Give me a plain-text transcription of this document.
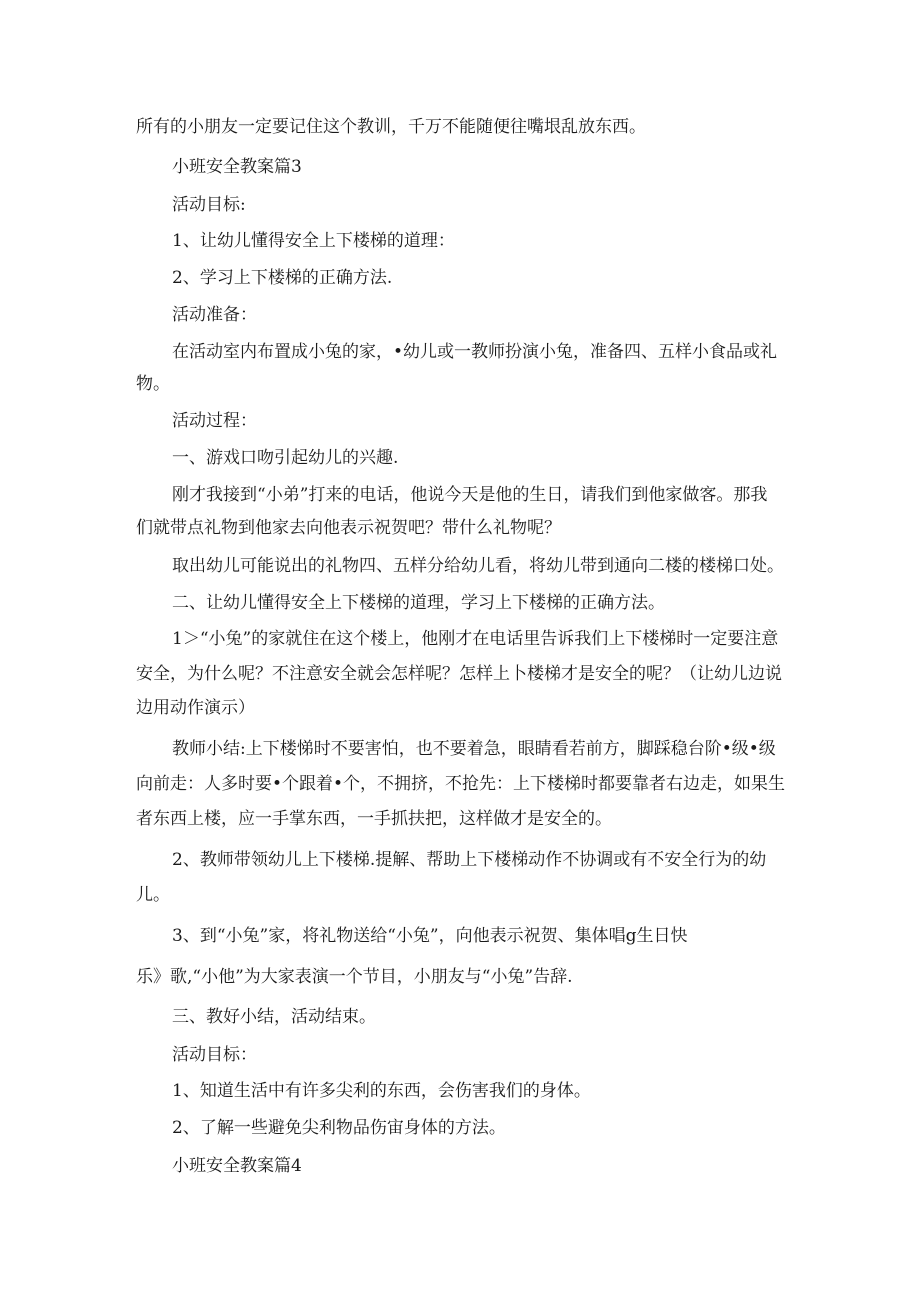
所有的小朋友一定要记住这个教训，千万不能随便往嘴垠乱放东西。
小班安全教案篇3
活动目标:
1、让幼儿懂得安全上下楼梯的道理：
2、学习上下楼梯的正确方法.
活动准备：
在活动室内布置成小兔的家，•幼儿或一教师扮演小兔，准备四、五样小食品或礼
物。
活动过程：
一、游戏口吻引起幼儿的兴趣.
刚才我接到“小弟”打来的电话，他说今天是他的生日，请我们到他家做客。那我
们就带点礼物到他家去向他表示祝贺吧？带什么礼物呢？
取出幼儿可能说出的礼物四、五样分给幼儿看，将幼儿带到通向二楼的楼梯口处。
二、让幼儿懂得安全上下楼梯的道理，学习上下楼梯的正确方法。
1＞“小兔”的家就住在这个楼上，他刚才在电话里告诉我们上下楼梯时一定要注意
安全，为什么呢？不注意安全就会怎样呢？怎样上卜楼梯才是安全的呢？（让幼儿边说
边用动作演示）
教师小结:上下楼悌时不要害怕，也不要着急，眼睛看若前方，脚踩稳台阶•级•级
向前走：人多时要•个跟着•个，不拥挤，不抢先：上下楼梯时都要靠者右边走，如果生
者东西上楼，应一手掌东西，一手抓扶把，这样做才是安全的。
2、教师带领幼儿上下楼梯.提解、帮助上下楼梯动作不协调或有不安全行为的幼
儿。
3、到“小兔”家，将礼物送给“小兔”，向他表示祝贺、集体唱g生日快
乐》歌,“小他”为大家表演一个节目，小朋友与“小兔”告辞.
三、教好小结，活动结束。
活动目标：
1、知道生活中有许多尖利的东西，会伤害我们的身体。
2、了解一些避免尖利物品伤宙身体的方法。
小班安全教案篇4
